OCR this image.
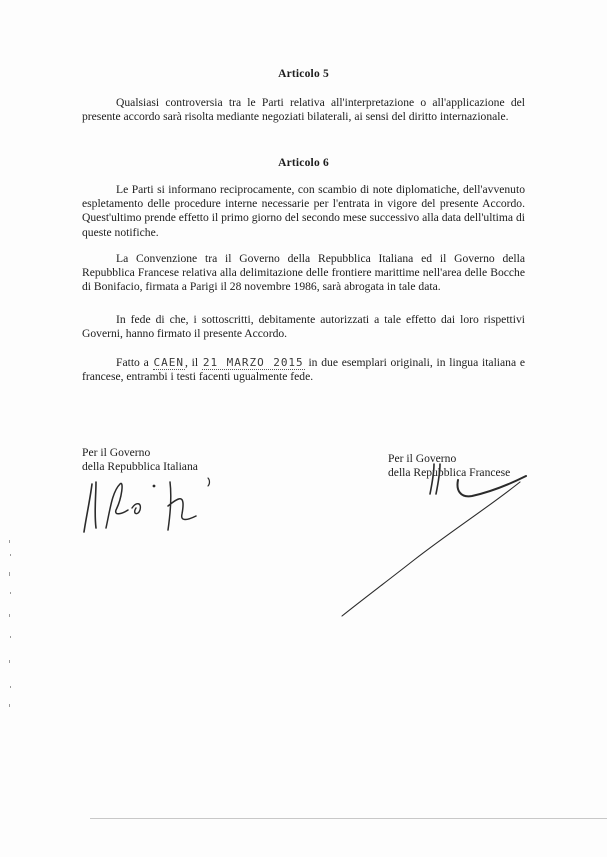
Articolo 5

Qualsiasi controversia tra le Parti relativa all'interpretazione o all'applicazione del presente accordo sarà risolta mediante negoziati bilaterali, ai sensi del diritto internazionale.

Articolo 6

Le Parti si informano reciprocamente, con scambio di note diplomatiche, dell'avvenuto espletamento delle procedure interne necessarie per l'entrata in vigore del presente Accordo. Quest'ultimo prende effetto il primo giorno del secondo mese successivo alla data dell'ultima di queste notifiche.

La Convenzione tra il Governo della Repubblica Italiana ed il Governo della Repubblica Francese relativa alla delimitazione delle frontiere marittime nell'area delle Bocche di Bonifacio, firmata a Parigi il 28 novembre 1986, sarà abrogata in tale data.

In fede di che, i sottoscritti, debitamente autorizzati a tale effetto dai loro rispettivi Governi, hanno firmato il presente Accordo.

Fatto a CAEN, il 21 MARZO 2015 in due esemplari originali, in lingua italiana e francese, entrambi i testi facenti ugualmente fede.

Per il Governo
della Repubblica Italiana
Per il Governo
della Repubblica Francese
